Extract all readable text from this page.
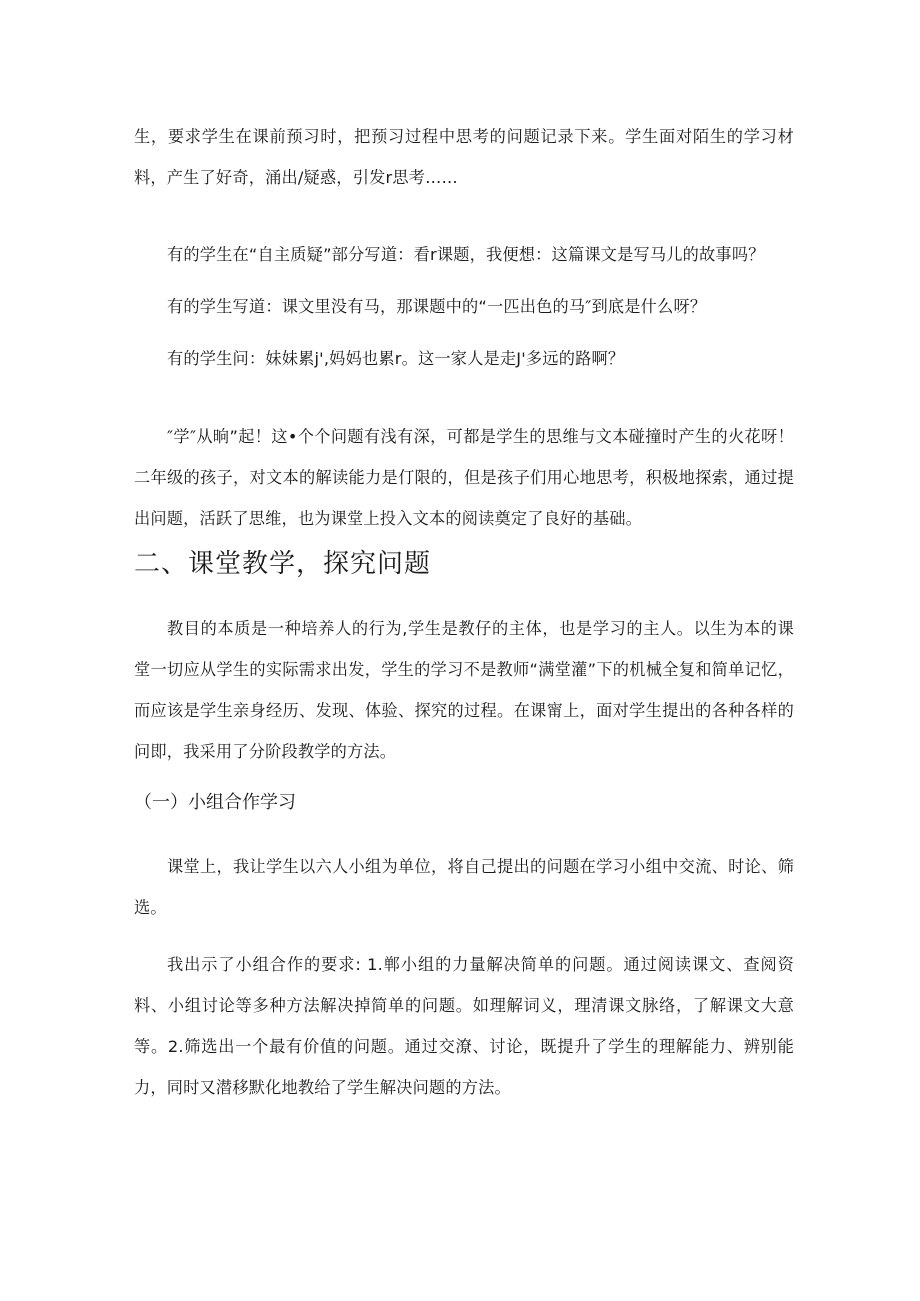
生，要求学生在课前预习时，把预习过程中思考的问题记录下来。学生面对陌生的学习材料，产生了好奇，涌出/疑惑，引发r思考……

有的学生在“自主质疑”部分写道：看r课题，我便想：这篇课文是写马儿的故事吗？

有的学生写道：课文里没有马，那课题中的“一匹出色的马″到底是什么呀？

有的学生问：妹妹累j',妈妈也累r。这一家人是走J'多远的路啊？

″学″从晌”起！这•个个问题有浅有深，可都是学生的思维与文本碰撞时产生的火花呀！二年级的孩子，对文本的解读能力是仃限的，但是孩子们用心地思考，积极地探索，通过提出问题，活跃了思维，也为课堂上投入文本的阅读奠定了良好的基础。

二、课堂教学，探究问题

教目的本质是一种培养人的行为,学生是教仔的主体，也是学习的主人。以生为本的课堂一切应从学生的实际需求出发，学生的学习不是教师“满堂灌”下的机械全复和简单记忆，而应该是学生亲身经历、发现、体验、探究的过程。在课甯上，面对学生提出的各种各样的问即，我采用了分阶段教学的方法。

（一）小组合作学习

课堂上，我让学生以六人小组为单位，将自己提出的问题在学习小组中交流、时论、筛选。

我出示了小组合作的要求: 1.郸小组的力量解决简单的问题。通过阅读课文、查阅资料、小组讨论等多种方法解决掉简单的问题。如理解词义，理清课文脉络，了解课文大意等。2.筛选出一个最有价值的问题。通过交潦、讨论，既提升了学生的理解能力、辨别能力，同时又潜移默化地教给了学生解决问题的方法。
